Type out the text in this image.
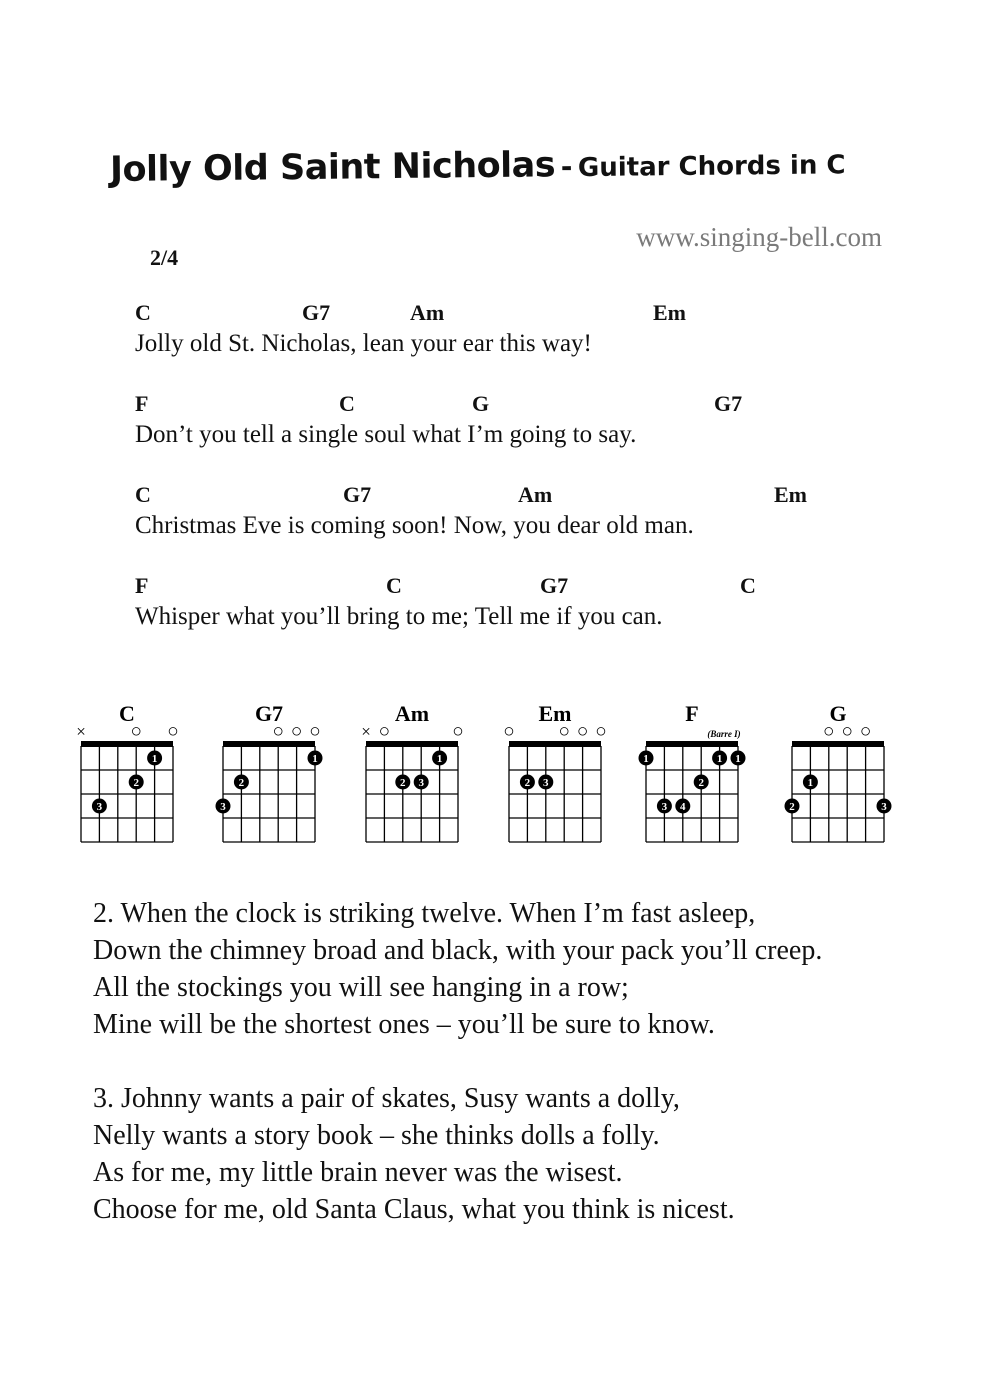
Jolly Old Saint Nicholas - Guitar Chords in C
www.singing-bell.com
2/4
C	G7	Am	Em
Jolly old St. Nicholas, lean your ear this way!
F	C	G	G7
Don’t you tell a single soul what I’m going to say.
C	G7	Am	Em
Christmas Eve is coming soon! Now, you dear old man.
F	C	G7	C
Whisper what you’ll bring to me; Tell me if you can.
C
× ○ ○
1
2
3
G7
○ ○ ○
1
2
3
Am
× ○	○
1
2 3
Em
○ ○ ○ ○
2 3
F
(Barre I)
1	1 1
2
3 4
G
○ ○ ○
1
2	3
2. When the clock is striking twelve. When I’m fast asleep,
Down the chimney broad and black, with your pack you’ll creep.
All the stockings you will see hanging in a row;
Mine will be the shortest ones – you’ll be sure to know.
3. Johnny wants a pair of skates, Susy wants a dolly,
Nelly wants a story book – she thinks dolls a folly.
As for me, my little brain never was the wisest.
Choose for me, old Santa Claus, what you think is nicest.
